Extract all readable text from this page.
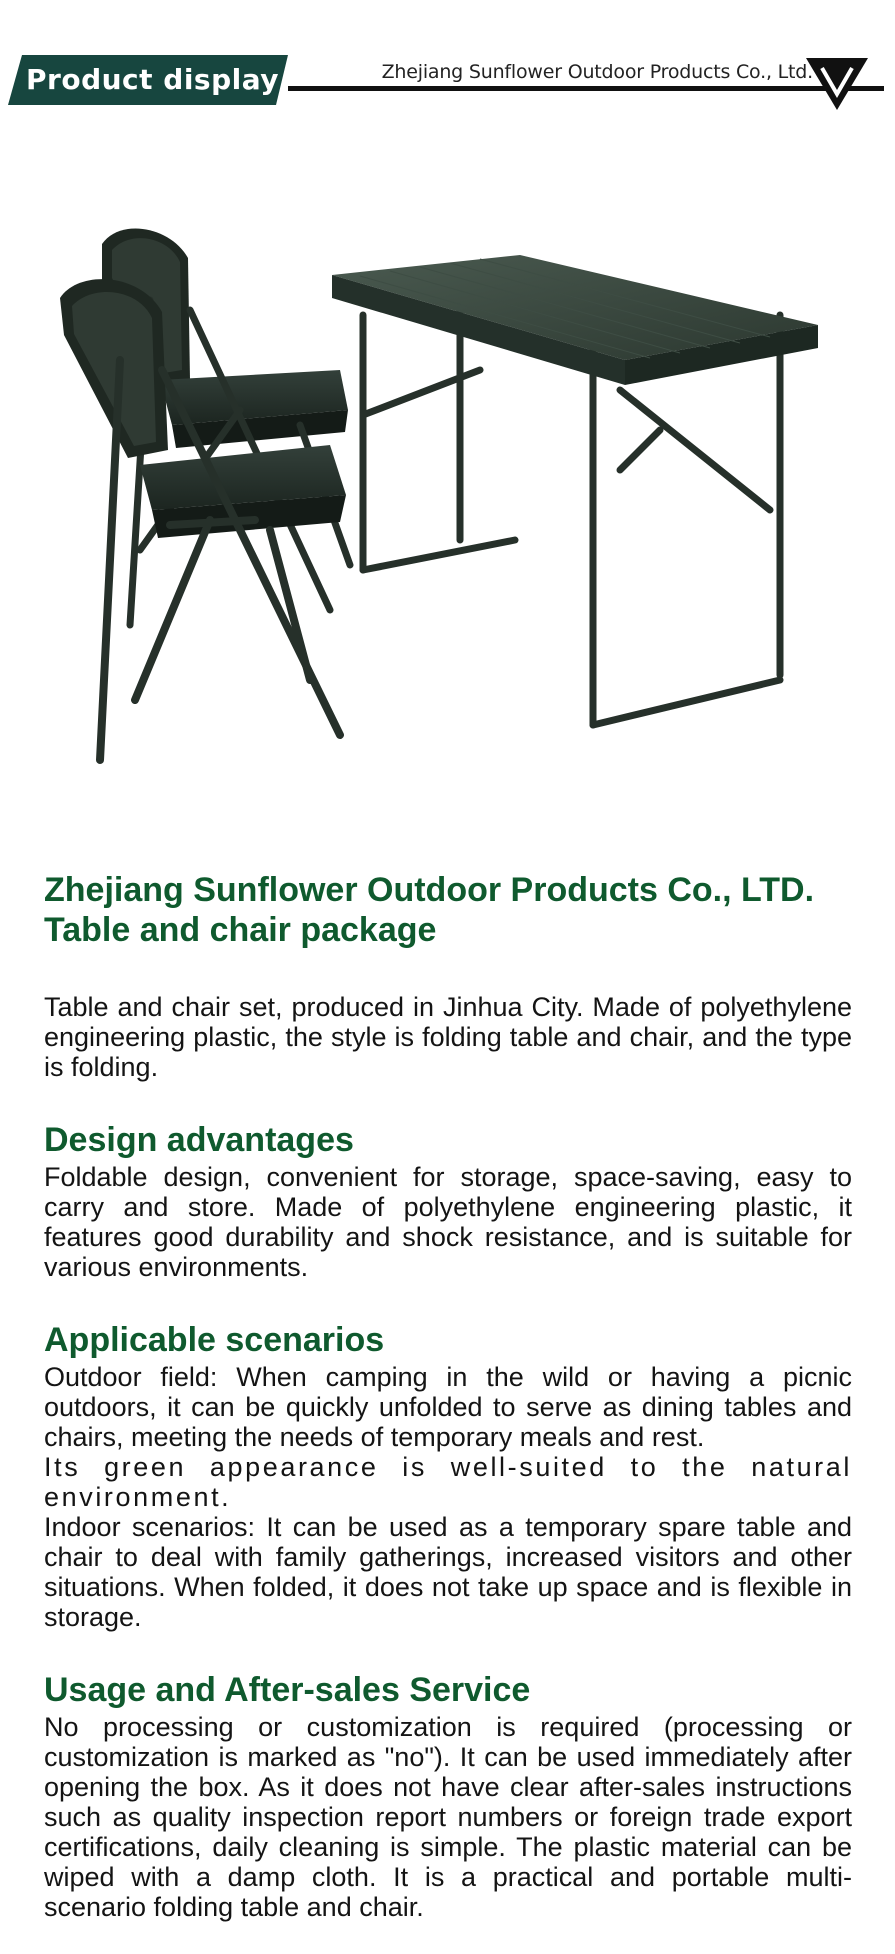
Product display	Zhejiang Sunflower Outdoor Products Co., Ltd.
Zhejiang Sunflower Outdoor Products Co., LTD. Table and chair package

Table and chair set, produced in Jinhua City. Made of polyethylene engineering plastic, the style is folding table and chair, and the type is folding.

Design advantages

Foldable design, convenient for storage, space-saving, easy to carry and store. Made of polyethylene engineering plastic, it features good durability and shock resistance, and is suitable for various environments.

Applicable scenarios

Outdoor field: When camping in the wild or having a picnic outdoors, it can be quickly unfolded to serve as dining tables and chairs, meeting the needs of temporary meals and rest.

Its green appearance is well-suited to the natural environment.

Indoor scenarios: It can be used as a temporary spare table and chair to deal with family gatherings, increased visitors and other situations. When folded, it does not take up space and is flexible in storage.

Usage and After-sales Service

No processing or customization is required (processing or customization is marked as "no"). It can be used immediately after opening the box. As it does not have clear after-sales instructions such as quality inspection report numbers or foreign trade export certifications, daily cleaning is simple. The plastic material can be wiped with a damp cloth. It is a practical and portable multi-scenario folding table and chair.
